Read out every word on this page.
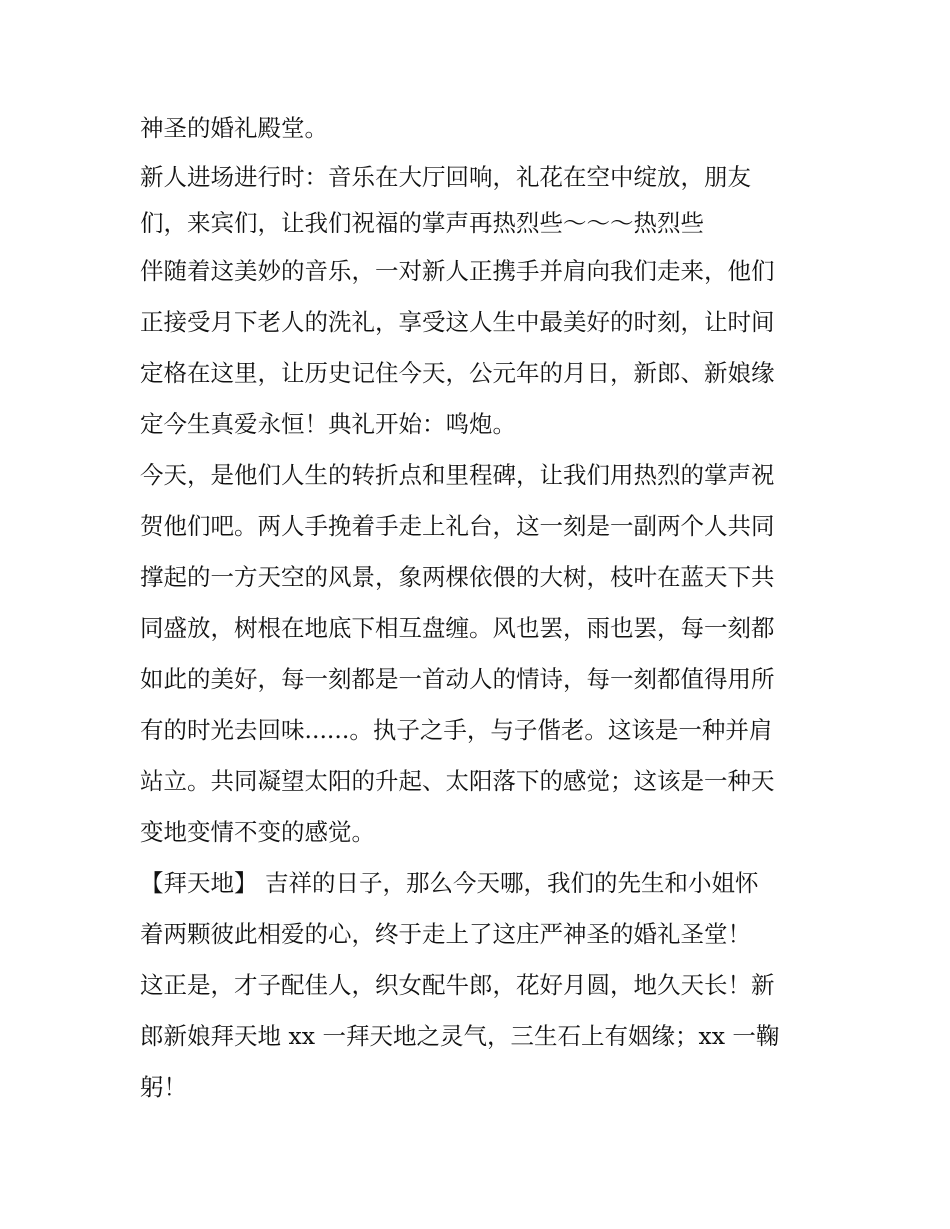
神圣的婚礼殿堂。
新人进场进行时：音乐在大厅回响，礼花在空中绽放，朋友
们，来宾们，让我们祝福的掌声再热烈些～～～热烈些
伴随着这美妙的音乐，一对新人正携手并肩向我们走来，他们
正接受月下老人的洗礼，享受这人生中最美好的时刻，让时间
定格在这里，让历史记住今天，公元年的月日，新郎、新娘缘
定今生真爱永恒！典礼开始：鸣炮。
今天，是他们人生的转折点和里程碑，让我们用热烈的掌声祝
贺他们吧。两人手挽着手走上礼台，这一刻是一副两个人共同
撑起的一方天空的风景，象两棵依偎的大树，枝叶在蓝天下共
同盛放，树根在地底下相互盘缠。风也罢，雨也罢，每一刻都
如此的美好，每一刻都是一首动人的情诗，每一刻都值得用所
有的时光去回味......。执子之手，与子偕老。这该是一种并肩
站立。共同凝望太阳的升起、太阳落下的感觉；这该是一种天
变地变情不变的感觉。
【拜天地】 吉祥的日子，那么今天哪，我们的先生和小姐怀
着两颗彼此相爱的心，终于走上了这庄严神圣的婚礼圣堂！
这正是，才子配佳人，织女配牛郎，花好月圆，地久天长！新
郎新娘拜天地 xx 一拜天地之灵气，三生石上有姻缘；xx 一鞠
躬！
